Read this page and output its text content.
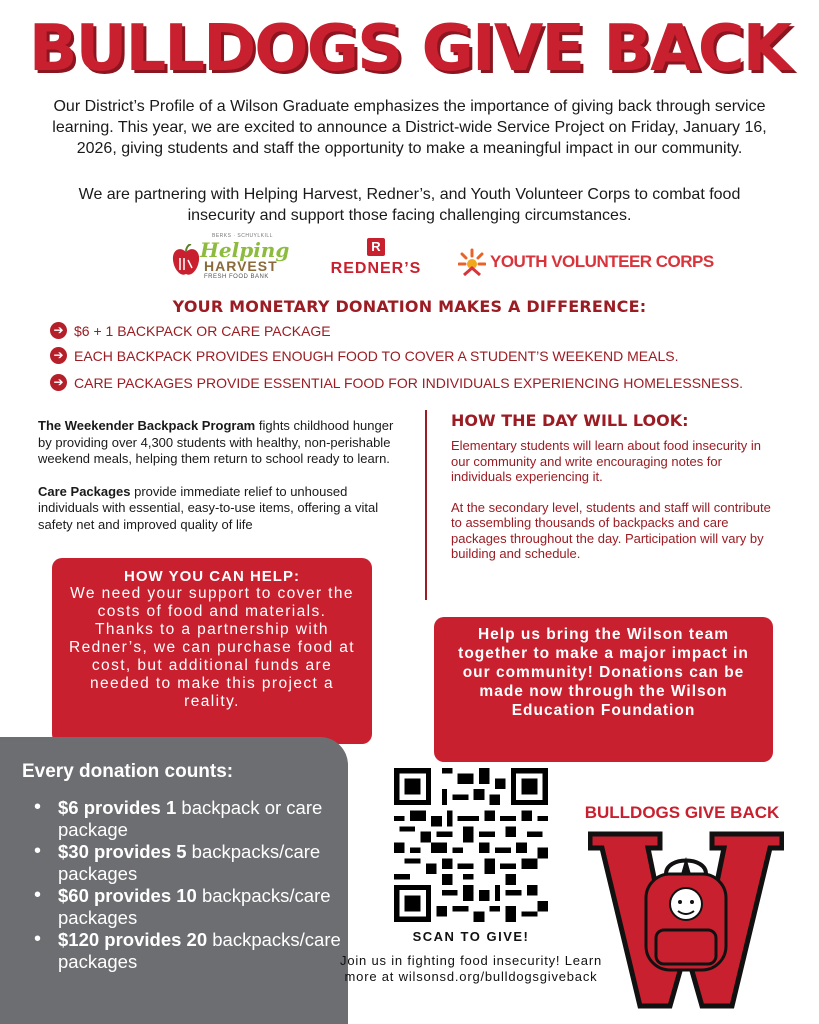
BULLDOGS GIVE BACK

Our District’s Profile of a Wilson Graduate emphasizes the importance of giving back through service learning. This year, we are excited to announce a District-wide Service Project on Friday, January 16, 2026, giving students and staff the opportunity to make a meaningful impact in our community.

We are partnering with Helping Harvest, Redner’s, and Youth Volunteer Corps to combat food insecurity and support those facing challenging circumstances.

BERKS · SCHUYLKILL
Helping
HARVEST
FRESH FOOD BANK
R
REDNER’S	YOUTH VOLUNTEER CORPS
YOUR MONETARY DONATION MAKES A DIFFERENCE:
➔ $6 + 1 BACKPACK OR CARE PACKAGE
➔ EACH BACKPACK PROVIDES ENOUGH FOOD TO COVER A STUDENT’S WEEKEND MEALS.
➔ CARE PACKAGES PROVIDE ESSENTIAL FOOD FOR INDIVIDUALS EXPERIENCING HOMELESSNESS.

The Weekender Backpack Program fights childhood hunger by providing over 4,300 students with healthy, non-perishable weekend meals, helping them return to school ready to learn.

Care Packages provide immediate relief to unhoused individuals with essential, easy-to-use items, offering a vital safety net and improved quality of life

HOW THE DAY WILL LOOK:

Elementary students will learn about food insecurity in our community and write encouraging notes for individuals experiencing it.

At the secondary level, students and staff will contribute to assembling thousands of backpacks and care packages throughout the day. Participation will vary by building and schedule.

HOW YOU CAN HELP:
We need your support to cover the costs of food and materials. Thanks to a partnership with Redner’s, we can purchase food at cost, but additional funds are needed to make this project a reality.
Help us bring the Wilson team together to make a major impact in our community! Donations can be made now through the Wilson Education Foundation
Every donation counts:
• $6 provides 1 backpack or care package
• $30 provides 5 backpacks/care packages
• $60 provides 10 backpacks/care packages
• $120 provides 20 backpacks/care packages
SCAN TO GIVE!
Join us in fighting food insecurity! Learn more at wilsonsd.org/bulldogsgiveback
BULLDOGS GIVE BACK
